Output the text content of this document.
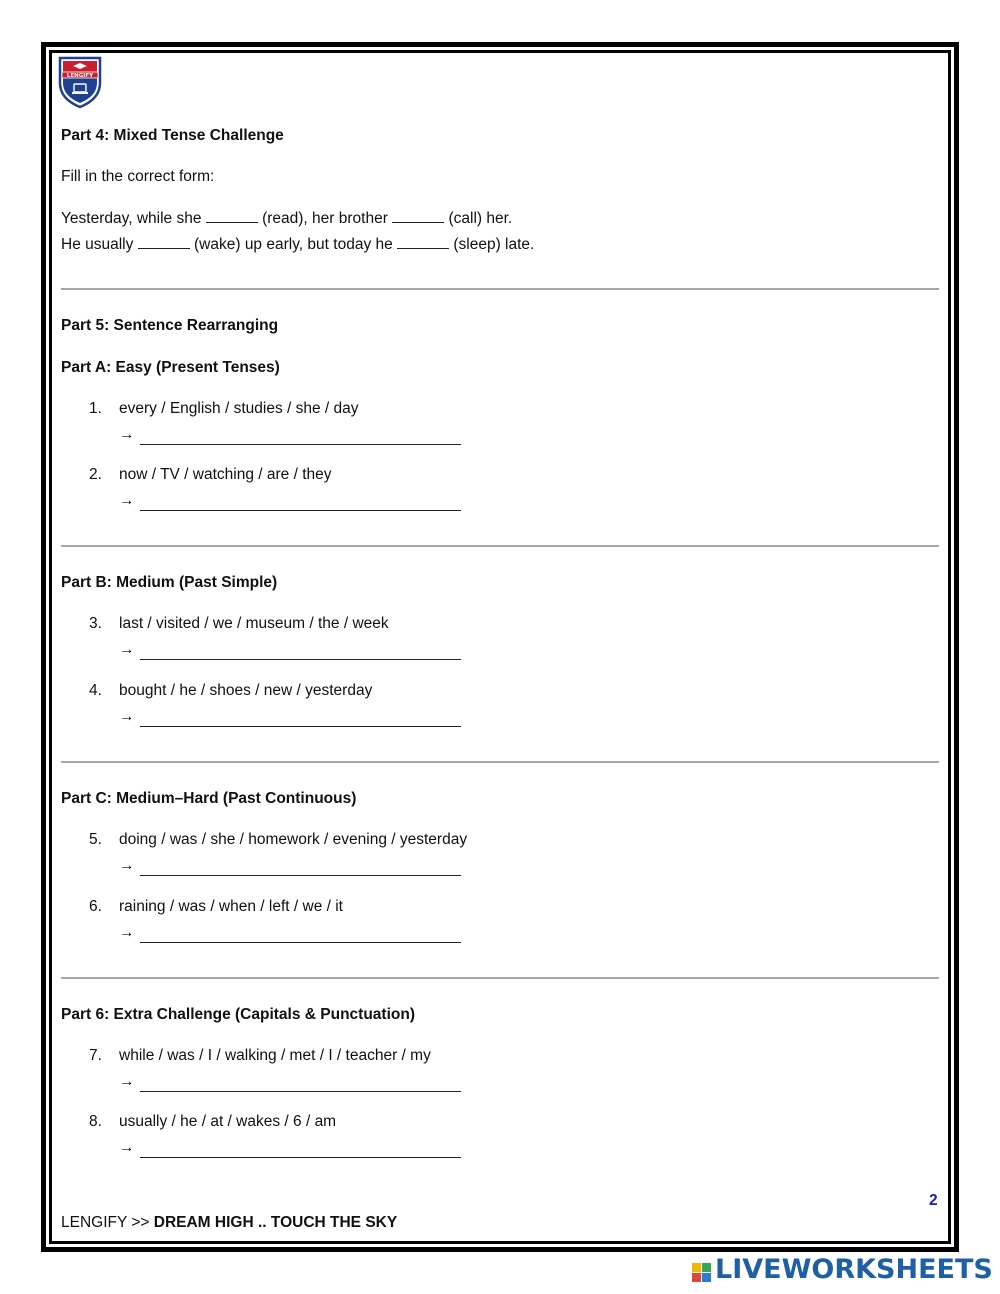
LENGIFY
Part 4: Mixed Tense Challenge
Fill in the correct form:
Yesterday, while she	(read), her brother	(call) her.
He usually	(wake) up early, but today he	(sleep) late.
Part 5: Sentence Rearranging
Part A: Easy (Present Tenses)
1. every / English / studies / she / day
→
2. now / TV / watching / are / they
→
Part B: Medium (Past Simple)
3. last / visited / we / museum / the / week
→
4. bought / he / shoes / new / yesterday
→
Part C: Medium–Hard (Past Continuous)
5. doing / was / she / homework / evening / yesterday
→
6. raining / was / when / left / we / it
→
Part 6: Extra Challenge (Capitals & Punctuation)
7. while / was / I / walking / met / I / teacher / my
→
8. usually / he / at / wakes / 6 / am
→
2
LENGIFY >> DREAM HIGH .. TOUCH THE SKY
LIVEWORKSHEETS
